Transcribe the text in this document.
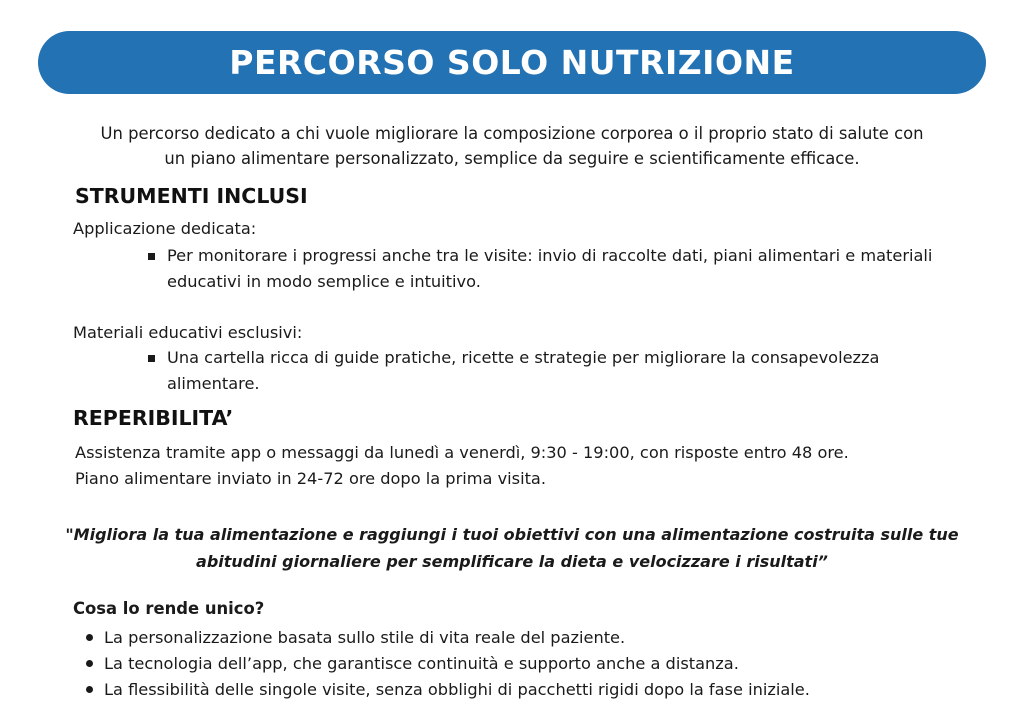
PERCORSO SOLO NUTRIZIONE
Un percorso dedicato a chi vuole migliorare la composizione corporea o il proprio stato di salute con
un piano alimentare personalizzato, semplice da seguire e scientificamente efficace.
STRUMENTI INCLUSI
Applicazione dedicata:
Per monitorare i progressi anche tra le visite: invio di raccolte dati, piani alimentari e materiali
educativi in modo semplice e intuitivo.
Materiali educativi esclusivi:
Una cartella ricca di guide pratiche, ricette e strategie per migliorare la consapevolezza
alimentare.
REPERIBILITA’
Assistenza tramite app o messaggi da lunedì a venerdì, 9:30 - 19:00, con risposte entro 48 ore.
Piano alimentare inviato in 24-72 ore dopo la prima visita.
"Migliora la tua alimentazione e raggiungi i tuoi obiettivi con una alimentazione costruita sulle tue
abitudini giornaliere per semplificare la dieta e velocizzare i risultati”
Cosa lo rende unico?
La personalizzazione basata sullo stile di vita reale del paziente.
La tecnologia dell’app, che garantisce continuità e supporto anche a distanza.
La flessibilità delle singole visite, senza obblighi di pacchetti rigidi dopo la fase iniziale.
